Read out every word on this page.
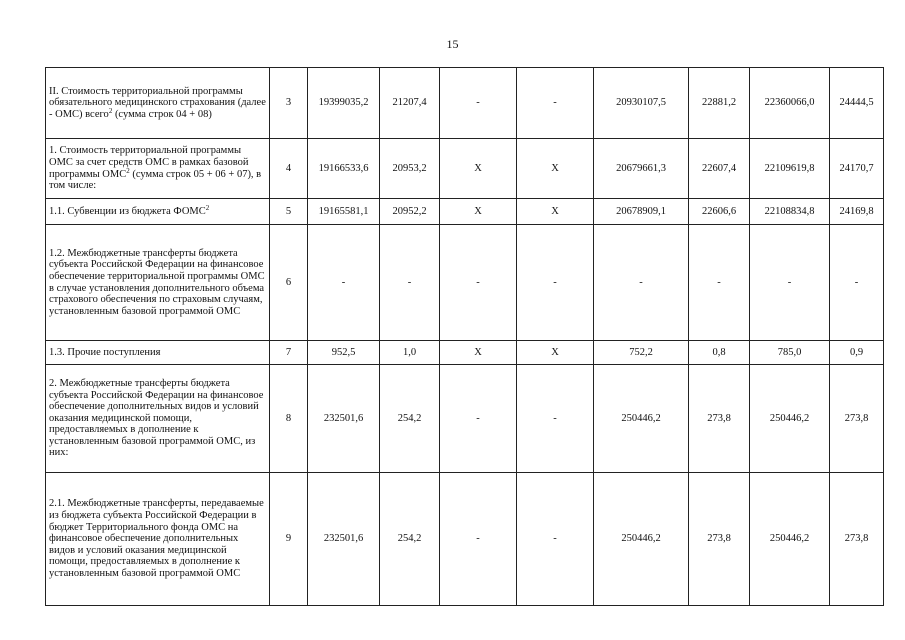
15
II. Стоимость территориальной программы обязательного медицинского страхования (далее - ОМС) всего$^2$ (сумма строк 04 + 08)	3	19399035,2	21207,4	-	-	20930107,5	22881,2	22360066,0	24444,5
1. Стоимость территориальной программы ОМС за счет средств ОМС в рамках базовой программы ОМС$^2$ (сумма строк 05 + 06 + 07), в том числе:	4	19166533,6	20953,2	X	X	20679661,3	22607,4	22109619,8	24170,7
1.1. Субвенции из бюджета ФОМС$^2$	5	19165581,1	20952,2	X	X	20678909,1	22606,6	22108834,8	24169,8
1.2. Межбюджетные трансферты бюджета субъекта Российской Федерации на финансовое обеспечение территориальной программы ОМС в случае установления дополнительного объема страхового обеспечения по страховым случаям, установленным базовой программой ОМС	6	-	-	-	-	-	-	-	-
1.3. Прочие поступления	7	952,5	1,0	X	X	752,2	0,8	785,0	0,9
2. Межбюджетные трансферты бюджета субъекта Российской Федерации на финансовое обеспечение дополнительных видов и условий оказания медицинской помощи, предоставляемых в дополнение к установленным базовой программой ОМС, из них:	8	232501,6	254,2	-	-	250446,2	273,8	250446,2	273,8
2.1. Межбюджетные трансферты, передаваемые из бюджета субъекта Российской Федерации в бюджет Территориального фонда ОМС на финансовое обеспечение дополнительных видов и условий оказания медицинской помощи, предоставляемых в дополнение к установленным базовой программой ОМС	9	232501,6	254,2	-	-	250446,2	273,8	250446,2	273,8
